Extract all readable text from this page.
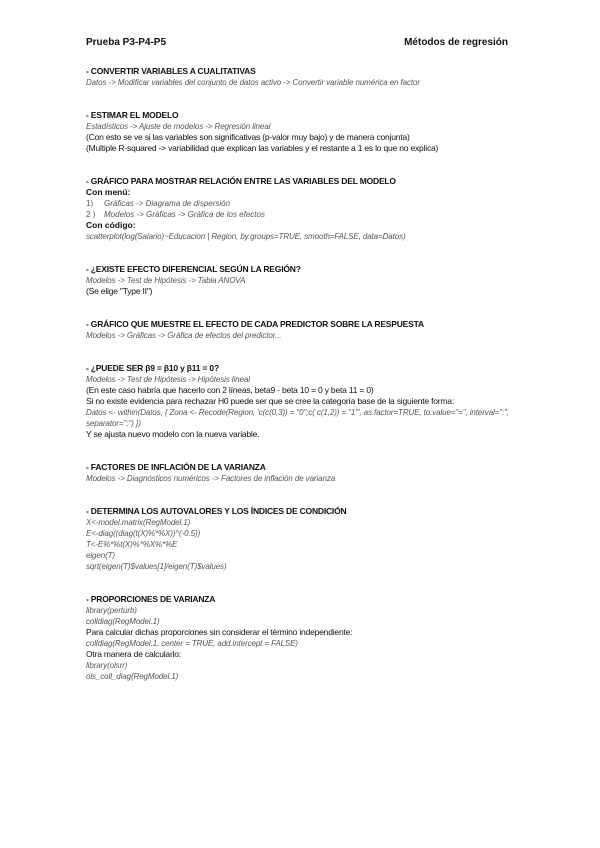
Prueba P3-P4-P5	Métodos de regresión
- CONVERTIR VARIABLES A CUALITATIVAS
Datos -> Modificar variables del conjunto de datos activo -> Convertir variable numérica en factor
- ESTIMAR EL MODELO
Estadísticos -> Ajuste de modelos -> Regresión lineal
(Con esto se ve si las variables son significativas (p-valor muy bajo) y de manera conjunta)
(Multiple R-squared -> variabilidad que explican las variables y el restante a 1 es lo que no explica)
- GRÁFICO PARA MOSTRAR RELACIÓN ENTRE LAS VARIABLES DEL MODELO
Con menú:
1) Gráficas -> Diagrama de dispersión
2 ) Modelos -> Gráficas -> Gráfica de los efectos
Con código:
scatterplot(log(Salario)~Educacion | Region, by.groups=TRUE, smooth=FALSE, data=Datos)
- ¿EXISTE EFECTO DIFERENCIAL SEGÚN LA REGIÓN?
Modelos -> Test de Hipótesis -> Tabla ANOVA
(Se elige "Type II")
- GRÁFICO QUE MUESTRE EL EFECTO DE CADA PREDICTOR SOBRE LA RESPUESTA
Modelos -> Gráficas -> Gráfica de efectos del predictor...
- ¿PUEDE SER β9 = β10 y β11 = 0?
Modelos -> Test de Hipótesis -> Hipótesis lineal
(En este caso habría que hacerlo con 2 líneas, beta9 - beta 10 = 0 y beta 11 = 0)
Si no existe evidencia para rechazar H0 puede ser que se cree la categoría base de la siguiente forma:
Datos <- within(Datos, { Zona <- Recode(Region, 'c(c(0,3)) = "0";c( c(1,2)) = "1"', as.factor=TRUE, to.value="=", interval=":",
separator=";") })
Y se ajusta nuevo modelo con la nueva variable.
- FACTORES DE INFLACIÓN DE LA VARIANZA
Modelos -> Diagnósticos numéricos -> Factores de inflación de varianza
- DETERMINA LOS AUTOVALORES Y LOS ÍNDICES DE CONDICIÓN
X<-model.matrix(RegModel.1)
E<-diag((diag(t(X)%*%X))^(-0.5))
T<-E%*%t(X)%*%X%*%E
eigen(T)
sqrt(eigen(T)$values[1]/eigen(T)$values)
- PROPORCIONES DE VARIANZA
library(perturb)
colldiag(RegModel.1)
Para calcular dichas proporciones sin considerar el término independiente:
colldiag(RegModel.1, center = TRUE, add.intercept = FALSE)
Otra manera de calcularlo:
library(olsrr)
ols_coll_diag(RegModel.1)
